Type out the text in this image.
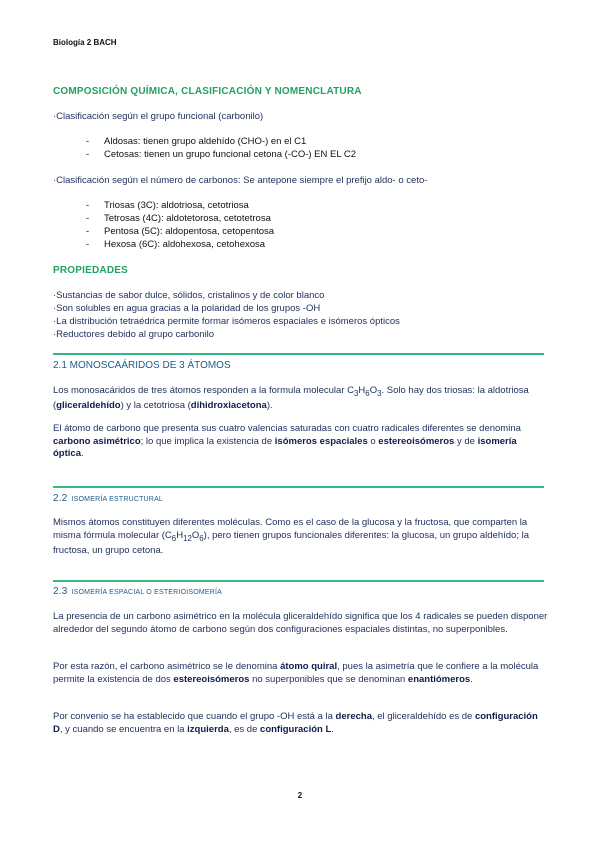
Biología 2 BACH
COMPOSICIÓN QUÍMICA, CLASIFICACIÓN Y NOMENCLATURA
·Clasificación según el grupo funcional (carbonilo)
- Aldosas: tienen grupo aldehído (CHO-) en el C1
- Cetosas: tienen un grupo funcional cetona (-CO-) EN EL C2
·Clasificación según el número de carbonos: Se antepone siempre el prefijo aldo- o ceto-
- Triosas (3C): aldotriosa, cetotriosa
- Tetrosas (4C): aldotetorosa, cetotetrosa
- Pentosa (5C): aldopentosa, cetopentosa
- Hexosa (6C): aldohexosa, cetohexosa
PROPIEDADES
·Sustancias de sabor dulce, sólidos, cristalinos y de color blanco
·Son solubles en agua gracias a la polaridad de los grupos -OH
·La distribución tetraédrica permite formar isómeros espaciales e isómeros ópticos
·Reductores debido al grupo carbonilo
2.1 MONOSCAÁRIDOS DE 3 ÁTOMOS
Los monosacáridos de tres átomos responden a la formula molecular $C_3H_6O_3$. Solo hay dos triosas: la aldotriosa (gliceraldehído) y la cetotriosa (dihidroxiacetona).
El átomo de carbono que presenta sus cuatro valencias saturadas con cuatro radicales diferentes se denomina carbono asimétrico; lo que implica la existencia de isómeros espaciales o estereoisómeros y de isomería óptica.
2.2 ISOMERÍA ESTRUCTURAL
Mismos átomos constituyen diferentes moléculas. Como es el caso de la glucosa y la fructosa, que comparten la misma fórmula molecular $(C_6H_{12}O_6)$, pero tienen grupos funcionales diferentes: la glucosa, un grupo aldehído; la fructosa, un grupo cetona.
2.3 ISOMERÍA ESPACIAL O ESTERIOISOMERÍA
La presencia de un carbono asimétrico en la molécula gliceraldehído significa que los 4 radicales se pueden disponer alrededor del segundo átomo de carbono según dos configuraciones espaciales distintas, no superponibles.
Por esta razón, el carbono asimétrico se le denomina átomo quiral, pues la asimetría que le confiere a la molécula permite la existencia de dos estereoisómeros no superponibles que se denominan enantiómeros.
Por convenio se ha establecido que cuando el grupo -OH está a la derecha, el gliceraldehído es de configuración D, y cuando se encuentra en la izquierda, es de configuración L.
2
